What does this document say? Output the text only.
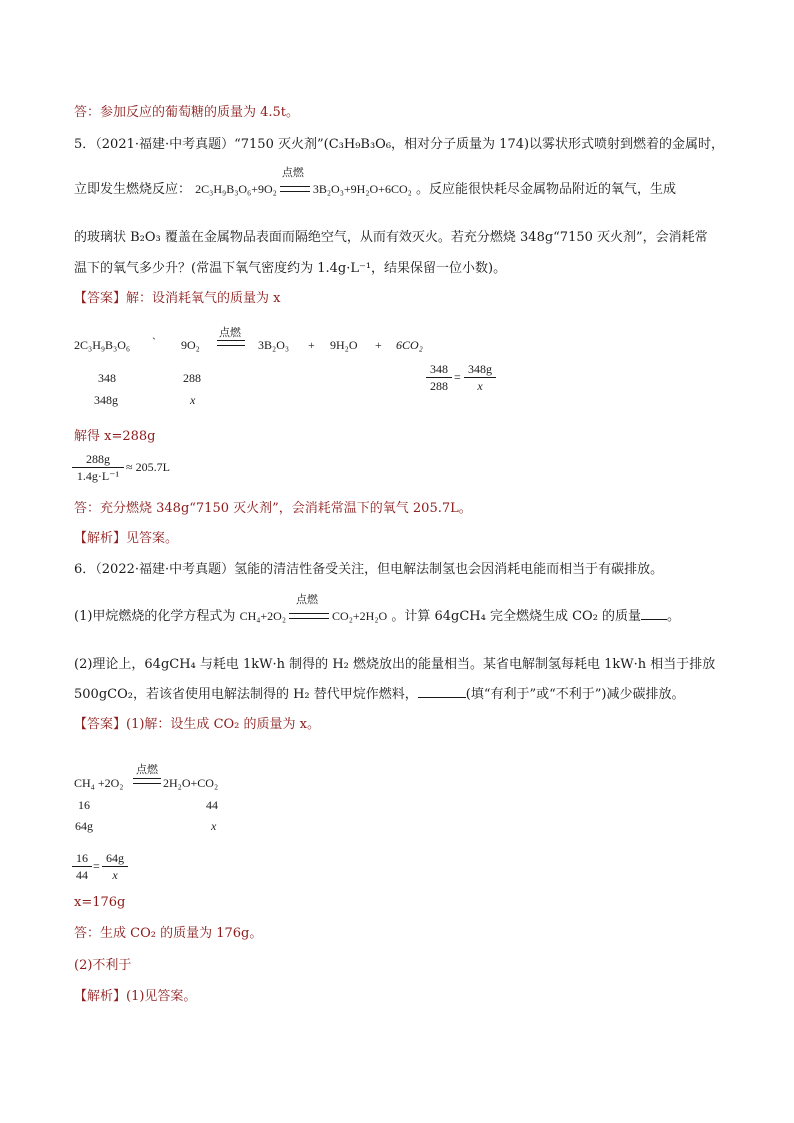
答：参加反应的葡萄糖的质量为 4.5t。
5．（2021·福建·中考真题）“7150 灭火剂”(C₃H₉B₃O₆，相对分子质量为 174)以雾状形式喷射到燃着的金属时，
立即发生燃烧反应： 2C₃H₉B₃O₆+9O₂
点燃
3B₂O₃+9H₂O+6CO₂ 。反应能很快耗尽金属物品附近的氧气，生成
的玻璃状 B₂O₃ 覆盖在金属物品表面而隔绝空气，从而有效灭火。若充分燃烧 348g“7150 灭火剂”，会消耗常
温下的氧气多少升？(常温下氧气密度约为 1.4g·L⁻¹，结果保留一位小数)。
【答案】解：设消耗氧气的质量为 x
2C₃H₉B₃O₆ ` 9O₂
点燃
3B₂O₃ + 9H₂O + 6CO₂
348
348g
288
x
$\frac{348}{288} = \frac{348g}{x}$
解得 x=288g
$\frac{288g}{\text{1.4g·L⁻¹}} \approx 205.7L$
答：充分燃烧 348g“7150 灭火剂”，会消耗常温下的氧气 205.7L。
【解析】见答案。
6．（2022·福建·中考真题）氢能的清洁性备受关注，但电解法制氢也会因消耗电能而相当于有碳排放。
(1)甲烷燃烧的化学方程式为 CH₄+2O₂
点燃
CO₂+2H₂O 。计算 64gCH₄ 完全燃烧生成 CO₂ 的质量 。
(2)理论上，64gCH₄ 与耗电 1kW·h 制得的 H₂ 燃烧放出的能量相当。某省电解制氢每耗电 1kW·h 相当于排放
500gCO₂，若该省使用电解法制得的 H₂ 替代甲烷作燃料，	(填“有利于”或“不利于”)减少碳排放。
【答案】(1)解：设生成 CO₂ 的质量为 x。
CH₄ +2O₂
点燃
2H₂O+CO₂
16
64g
44
x
$\frac{16}{44} = \frac{64g}{x}$
x=176g
答：生成 CO₂ 的质量为 176g。
(2)不利于
【解析】(1)见答案。
